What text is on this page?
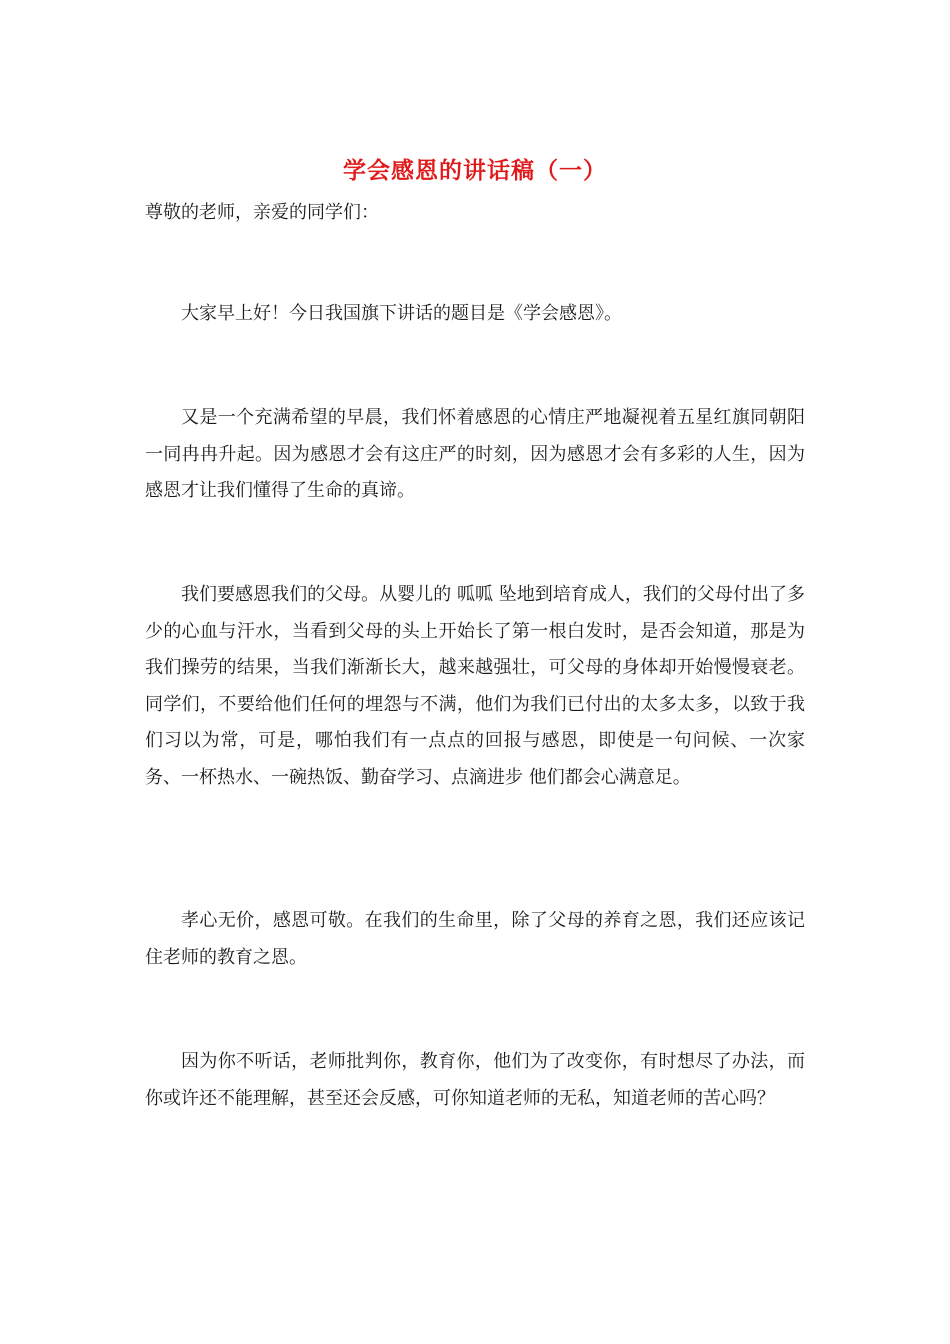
学会感恩的讲话稿（一）
尊敬的老师，亲爱的同学们：

大家早上好！今日我国旗下讲话的题目是《学会感恩》。

又是一个充满希望的早晨，我们怀着感恩的心情庄严地凝视着五星红旗同朝阳一同冉冉升起。因为感恩才会有这庄严的时刻，因为感恩才会有多彩的人生，因为感恩才让我们懂得了生命的真谛。

我们要感恩我们的父母。从婴儿的 呱呱 坠地到培育成人，我们的父母付出了多少的心血与汗水，当看到父母的头上开始长了第一根白发时，是否会知道，那是为我们操劳的结果，当我们渐渐长大，越来越强壮，可父母的身体却开始慢慢衰老。同学们，不要给他们任何的埋怨与不满，他们为我们已付出的太多太多，以致于我们习以为常，可是，哪怕我们有一点点的回报与感恩，即使是一句问候、一次家务、一杯热水、一碗热饭、勤奋学习、点滴进步 他们都会心满意足。

孝心无价，感恩可敬。在我们的生命里，除了父母的养育之恩，我们还应该记住老师的教育之恩。

因为你不听话，老师批判你，教育你，他们为了改变你，有时想尽了办法，而你或许还不能理解，甚至还会反感，可你知道老师的无私，知道老师的苦心吗？
